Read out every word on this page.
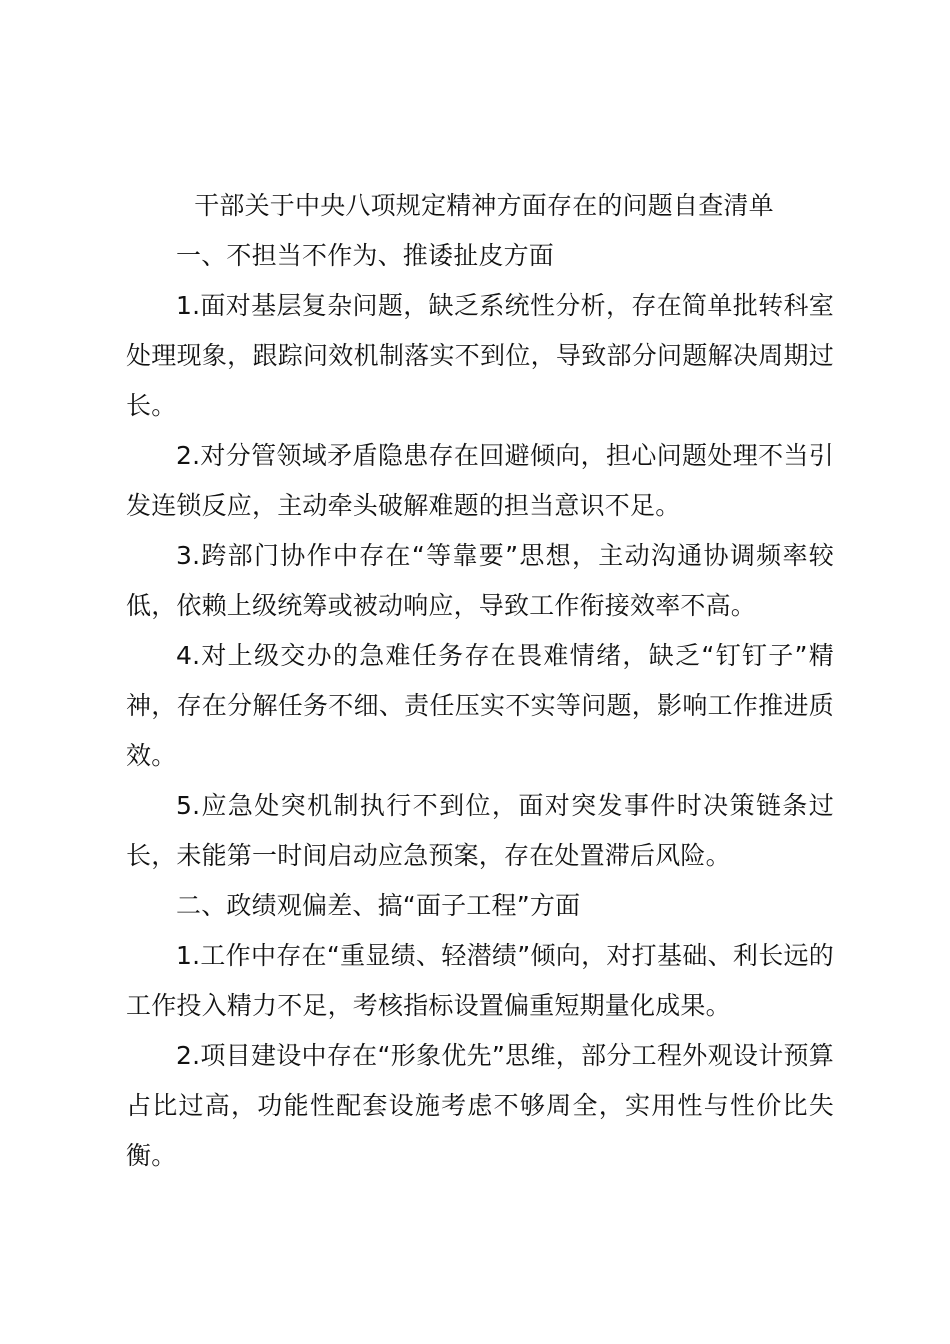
干部关于中央八项规定精神方面存在的问题自查清单

一、不担当不作为、推诿扯皮方面

1.面对基层复杂问题，缺乏系统性分析，存在简单批转科室处理现象，跟踪问效机制落实不到位，导致部分问题解决周期过长。

2.对分管领域矛盾隐患存在回避倾向，担心问题处理不当引发连锁反应，主动牵头破解难题的担当意识不足。

3.跨部门协作中存在“等靠要”思想，主动沟通协调频率较低，依赖上级统筹或被动响应，导致工作衔接效率不高。

4.对上级交办的急难任务存在畏难情绪，缺乏“钉钉子”精神，存在分解任务不细、责任压实不实等问题，影响工作推进质效。

5.应急处突机制执行不到位，面对突发事件时决策链条过长，未能第一时间启动应急预案，存在处置滞后风险。

二、政绩观偏差、搞“面子工程”方面

1.工作中存在“重显绩、轻潜绩”倾向，对打基础、利长远的工作投入精力不足，考核指标设置偏重短期量化成果。

2.项目建设中存在“形象优先”思维，部分工程外观设计预算占比过高，功能性配套设施考虑不够周全，实用性与性价比失衡。
